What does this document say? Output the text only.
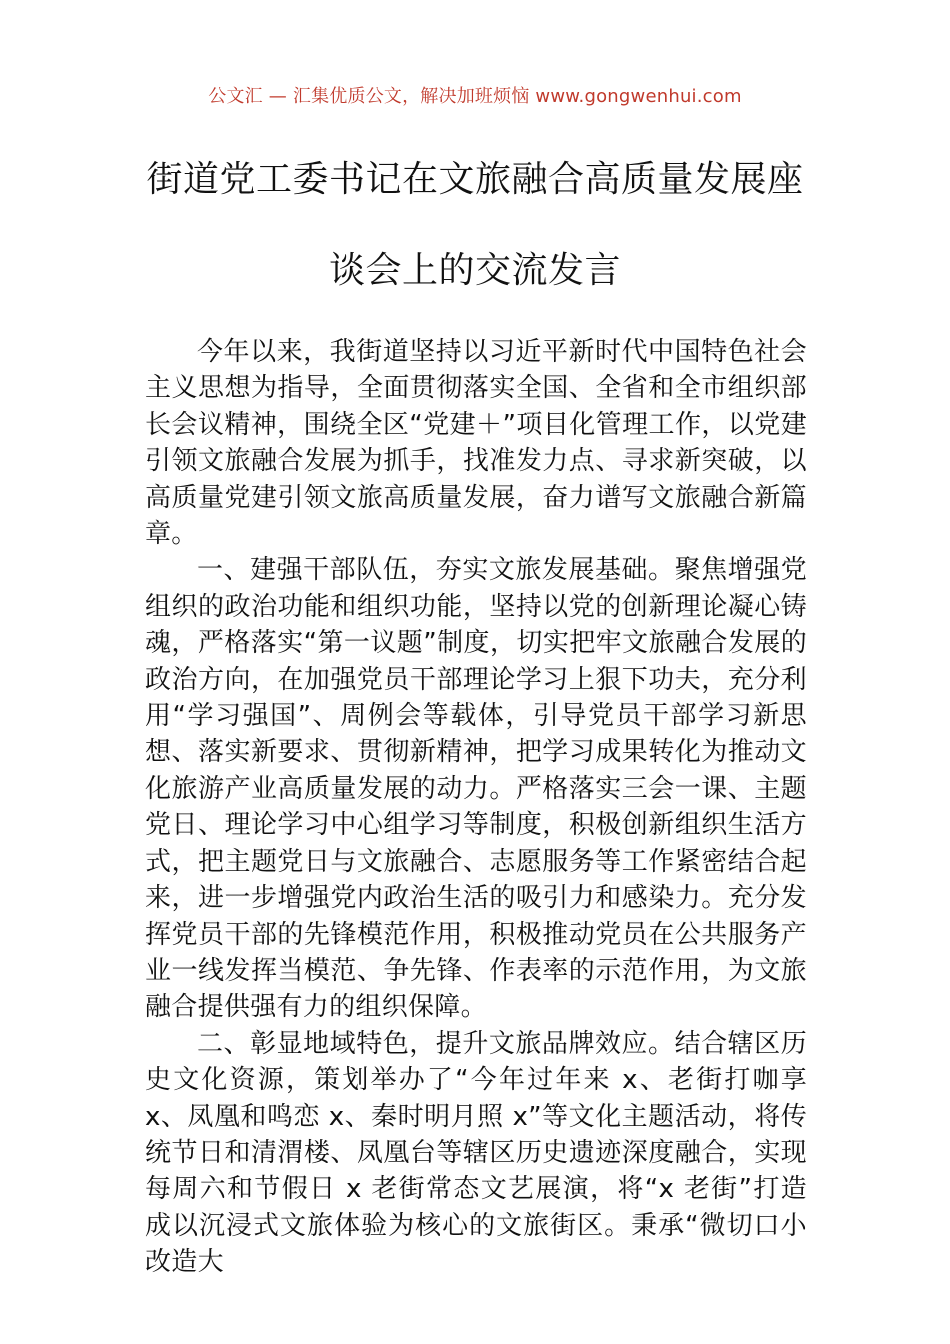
公文汇 — 汇集优质公文，解决加班烦恼 www.gongwenhui.com
街道党工委书记在文旅融合高质量发展座
谈会上的交流发言

今年以来，我街道坚持以习近平新时代中国特色社会主义思想为指导，全面贯彻落实全国、全省和全市组织部长会议精神，围绕全区“党建＋”项目化管理工作，以党建引领文旅融合发展为抓手，找准发力点、寻求新突破，以高质量党建引领文旅高质量发展，奋力谱写文旅融合新篇章。

一、建强干部队伍，夯实文旅发展基础。聚焦增强党组织的政治功能和组织功能，坚持以党的创新理论凝心铸魂，严格落实“第一议题”制度，切实把牢文旅融合发展的政治方向，在加强党员干部理论学习上狠下功夫，充分利用“学习强国”、周例会等载体，引导党员干部学习新思想、落实新要求、贯彻新精神，把学习成果转化为推动文化旅游产业高质量发展的动力。严格落实三会一课、主题党日、理论学习中心组学习等制度，积极创新组织生活方式，把主题党日与文旅融合、志愿服务等工作紧密结合起来，进一步增强党内政治生活的吸引力和感染力。充分发挥党员干部的先锋模范作用，积极推动党员在公共服务产业一线发挥当模范、争先锋、作表率的示范作用，为文旅融合提供强有力的组织保障。

二、彰显地域特色，提升文旅品牌效应。结合辖区历史文化资源，策划举办了“今年过年来 x、老街打咖享 x、凤凰和鸣恋 x、秦时明月照 x”等文化主题活动，将传统节日和清渭楼、凤凰台等辖区历史遗迹深度融合，实现每周六和节假日 x 老街常态文艺展演，将“x 老街”打造成以沉浸式文旅体验为核心的文旅街区。秉承“微切口小改造大
